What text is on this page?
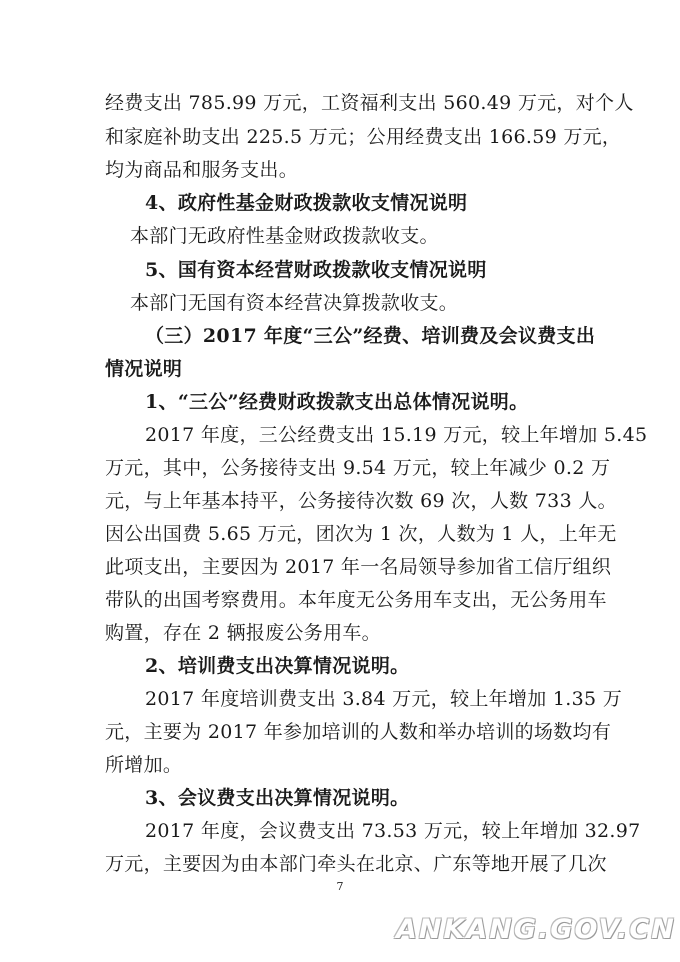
经费支出 785.99 万元，工资福利支出 560.49 万元，对个人
和家庭补助支出 225.5 万元；公用经费支出 166.59 万元，
均为商品和服务支出。
4、政府性基金财政拨款收支情况说明
本部门无政府性基金财政拨款收支。
5、国有资本经营财政拨款收支情况说明
本部门无国有资本经营决算拨款收支。
（三）2017 年度“三公”经费、培训费及会议费支出
情况说明
1、“三公”经费财政拨款支出总体情况说明。
2017 年度，三公经费支出 15.19 万元，较上年增加 5.45
万元，其中，公务接待支出 9.54 万元，较上年减少 0.2 万
元，与上年基本持平，公务接待次数 69 次，人数 733 人。
因公出国费 5.65 万元，团次为 1 次，人数为 1 人，上年无
此项支出，主要因为 2017 年一名局领导参加省工信厅组织
带队的出国考察费用。本年度无公务用车支出，无公务用车
购置，存在 2 辆报废公务用车。
2、培训费支出决算情况说明。
2017 年度培训费支出 3.84 万元，较上年增加 1.35 万
元，主要为 2017 年参加培训的人数和举办培训的场数均有
所增加。
3、会议费支出决算情况说明。
2017 年度，会议费支出 73.53 万元，较上年增加 32.97
万元，主要因为由本部门牵头在北京、广东等地开展了几次
7
ANKANG.GOV.CN
